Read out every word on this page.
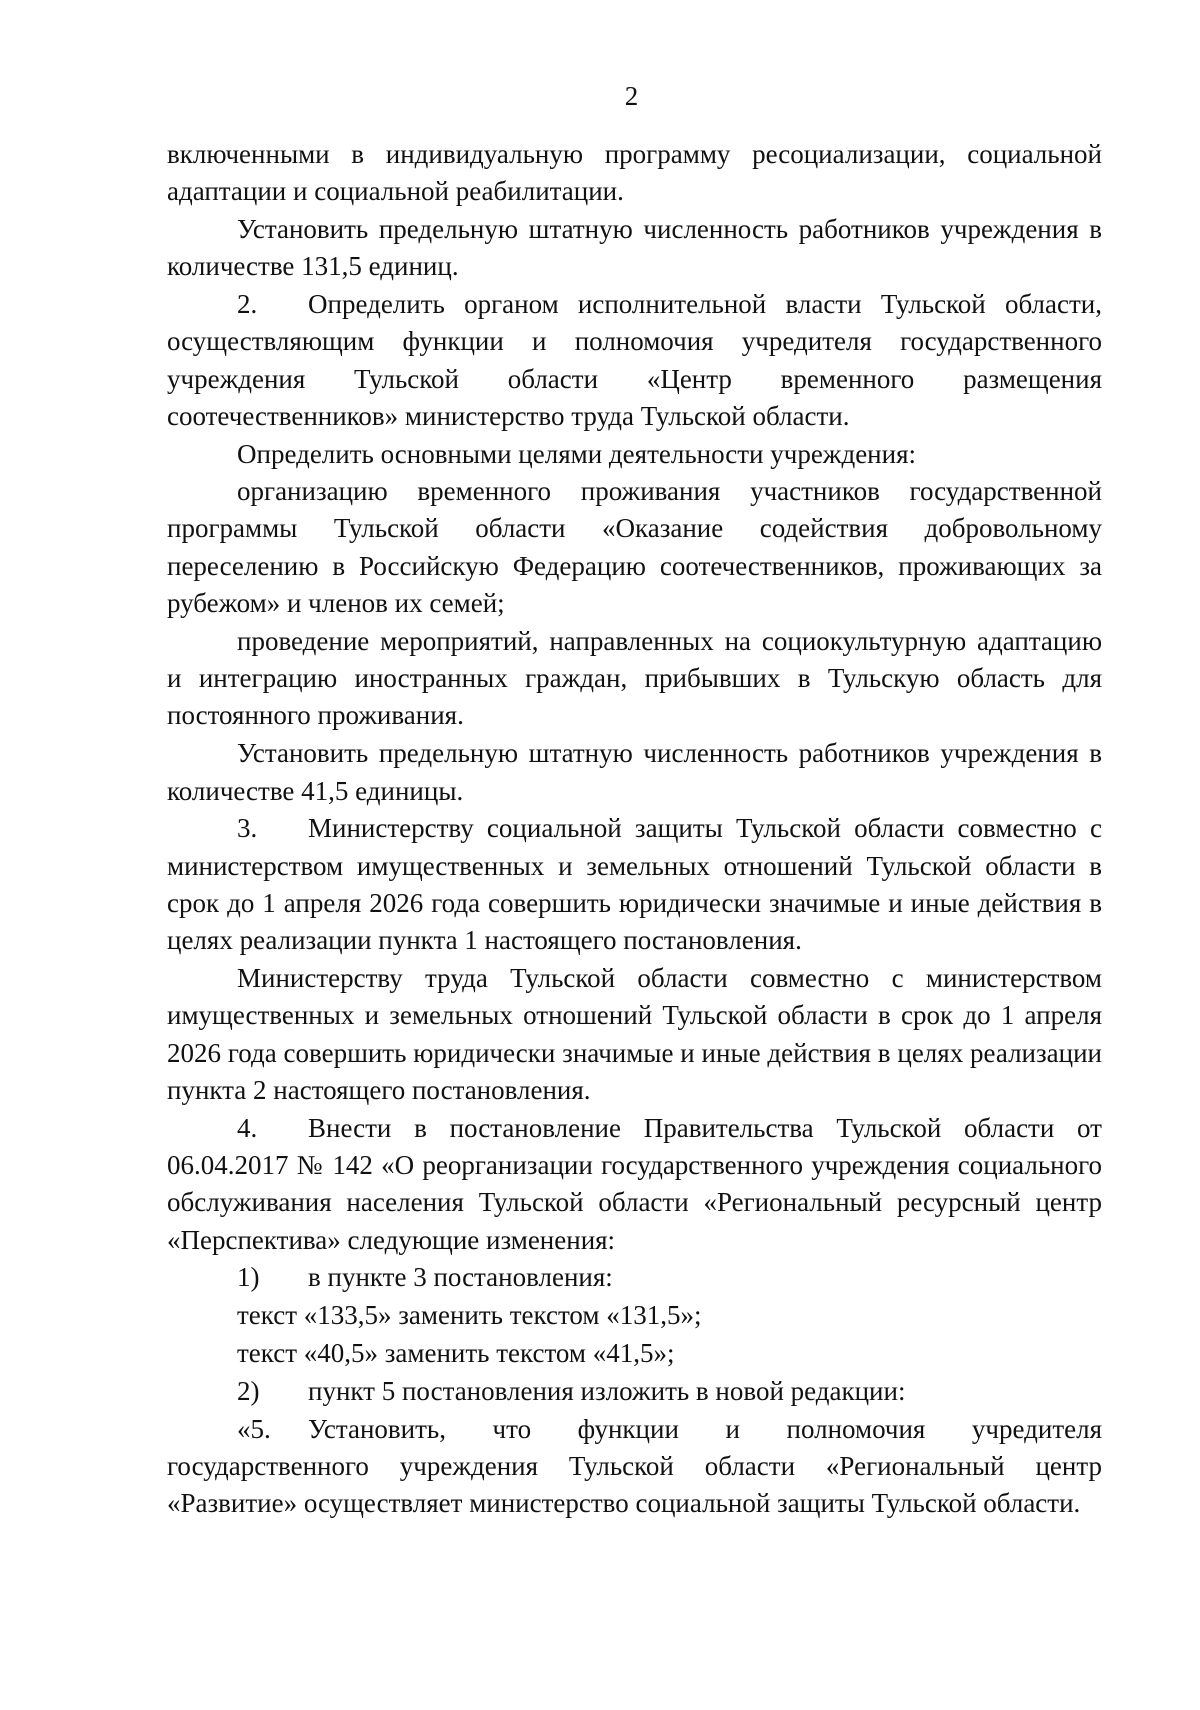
2

включенными в индивидуальную программу ресоциализации, социальной адаптации и социальной реабилитации.

Установить предельную штатную численность работников учреждения в количестве 131,5 единиц.

2. Определить органом исполнительной власти Тульской области, осуществляющим функции и полномочия учредителя государственного учреждения Тульской области «Центр временного размещения соотечественников» министерство труда Тульской области.

Определить основными целями деятельности учреждения:

организацию временного проживания участников государственной программы Тульской области «Оказание содействия добровольному переселению в Российскую Федерацию соотечественников, проживающих за рубежом» и членов их семей;

проведение мероприятий, направленных на социокультурную адаптацию и интеграцию иностранных граждан, прибывших в Тульскую область для постоянного проживания.

Установить предельную штатную численность работников учреждения в количестве 41,5 единицы.

3. Министерству социальной защиты Тульской области совместно с министерством имущественных и земельных отношений Тульской области в срок до 1 апреля 2026 года совершить юридически значимые и иные действия в целях реализации пункта 1 настоящего постановления.

Министерству труда Тульской области совместно с министерством имущественных и земельных отношений Тульской области в срок до 1 апреля 2026 года совершить юридически значимые и иные действия в целях реализации пункта 2 настоящего постановления.

4. Внести в постановление Правительства Тульской области от 06.04.2017 № 142 «О реорганизации государственного учреждения социального обслуживания населения Тульской области «Региональный ресурсный центр «Перспектива» следующие изменения:

1) в пункте 3 постановления:

текст «133,5» заменить текстом «131,5»;

текст «40,5» заменить текстом «41,5»;

2) пункт 5 постановления изложить в новой редакции:

«5. Установить, что функции и полномочия учредителя государственного учреждения Тульской области «Региональный центр «Развитие» осуществляет министерство социальной защиты Тульской области.
